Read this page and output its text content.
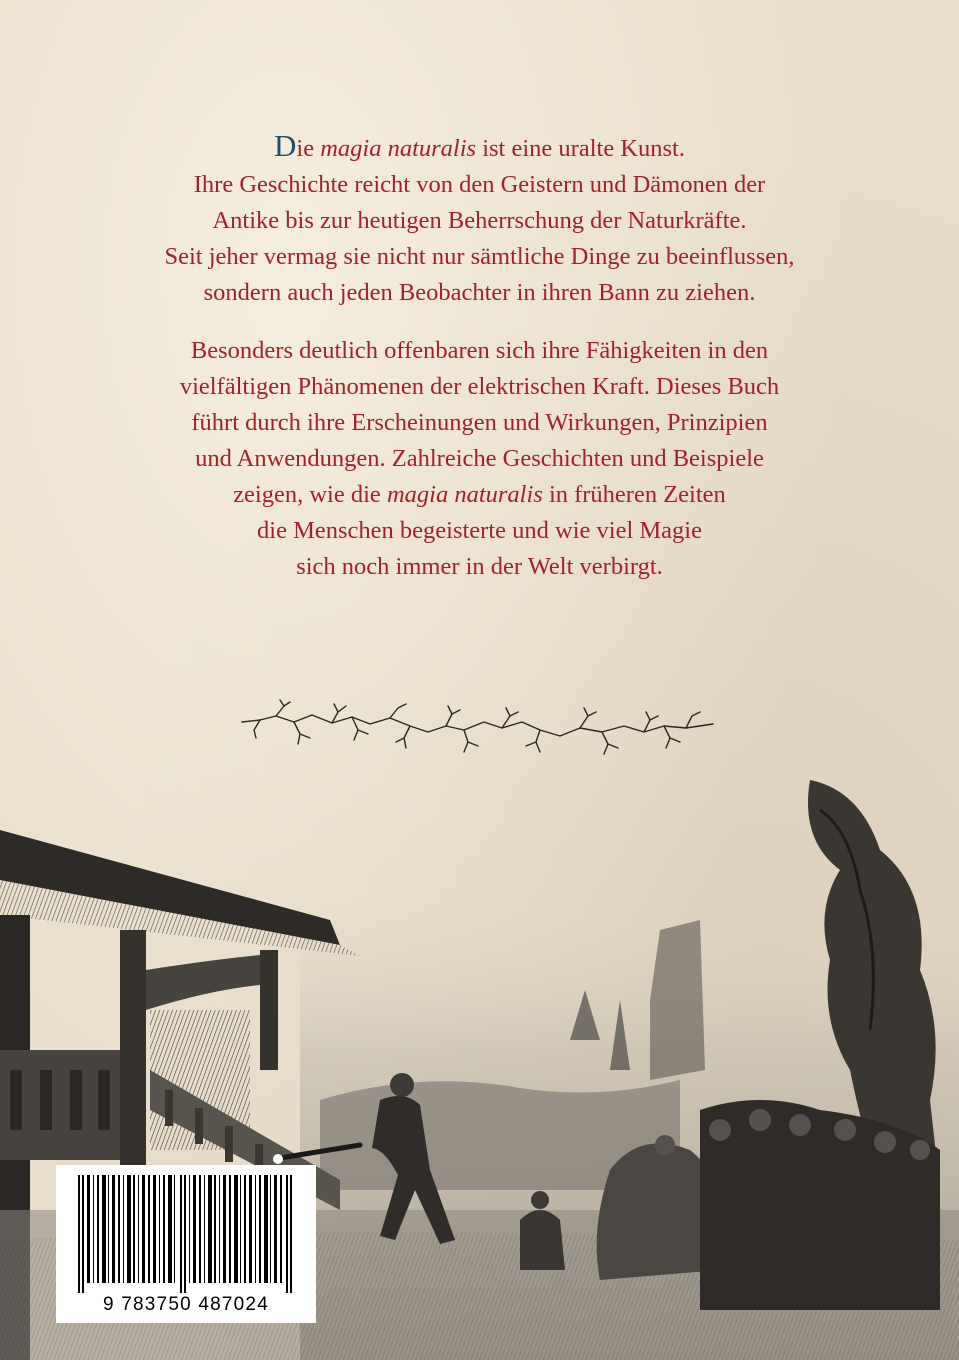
Die magia naturalis ist eine uralte Kunst.
Ihre Geschichte reicht von den Geistern und Dämonen der
Antike bis zur heutigen Beherrschung der Naturkräfte.
Seit jeher vermag sie nicht nur sämtliche Dinge zu beeinflussen,
sondern auch jeden Beobachter in ihren Bann zu ziehen.

Besonders deutlich offenbaren sich ihre Fähigkeiten in den
vielfältigen Phänomenen der elektrischen Kraft. Dieses Buch
führt durch ihre Erscheinungen und Wirkungen, Prinzipien
und Anwendungen. Zahlreiche Geschichten und Beispiele
zeigen, wie die magia naturalis in früheren Zeiten
die Menschen begeisterte und wie viel Magie
sich noch immer in der Welt verbirgt.

9 783750 487024
